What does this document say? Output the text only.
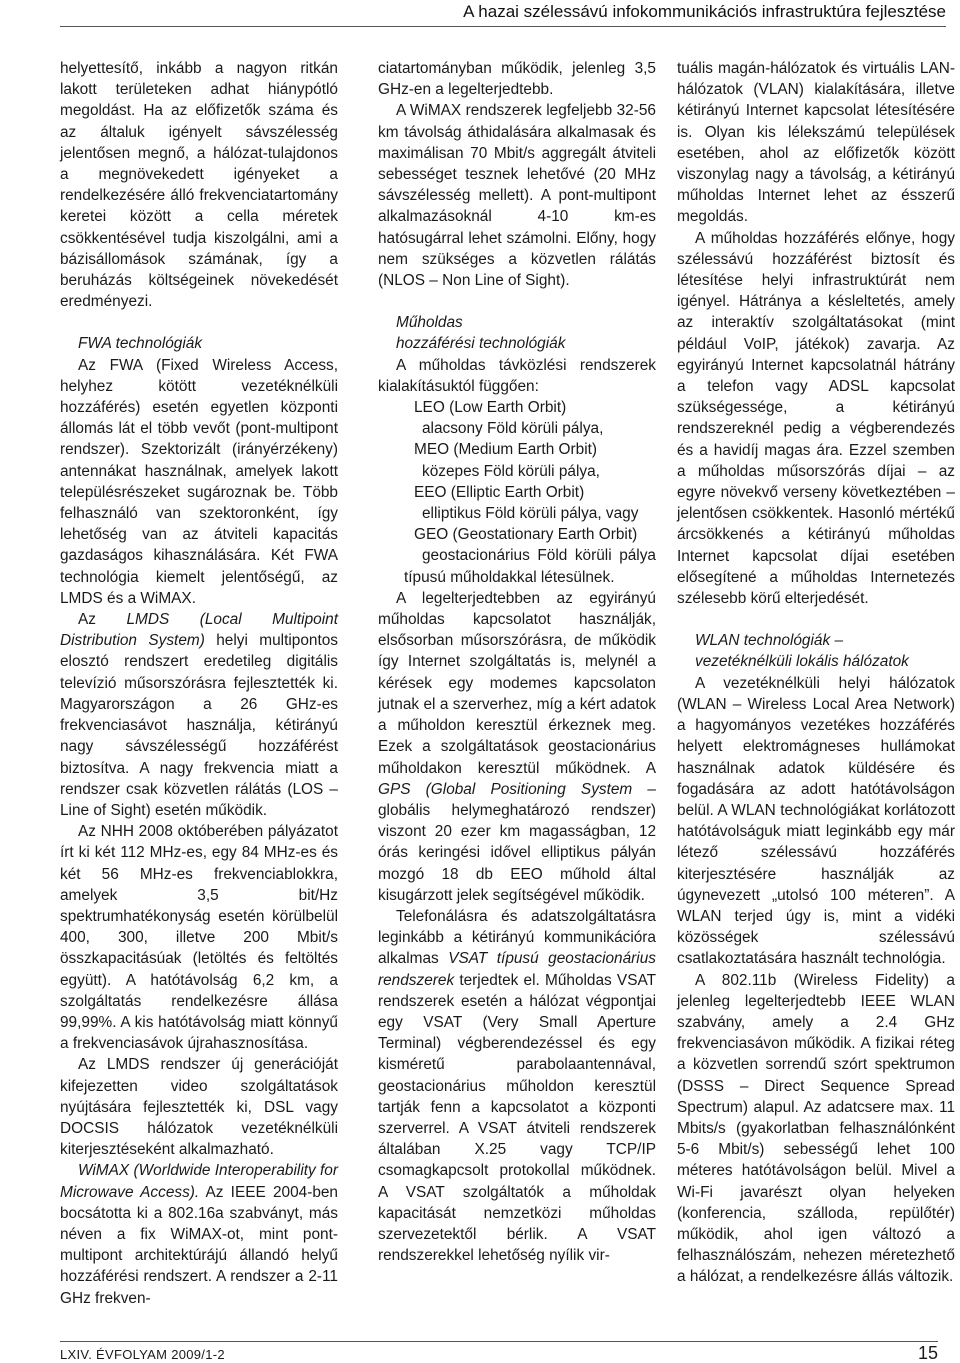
A hazai szélessávú infokommunikációs infrastruktúra fejlesztése

helyettesítő, inkább a nagyon ritkán lakott területeken adhat hiánypótló megoldást. Ha az előfizetők száma és az általuk igényelt sávszélesség jelentősen megnő, a hálózat-tulajdonos a megnövekedett igényeket a rendelkezésére álló frekvenciatartomány keretei között a cella méretek csökkentésével tudja kiszolgálni, ami a bázisállomások számának, így a beruházás költségeinek növekedését eredményezi.

FWA technológiák

Az FWA (Fixed Wireless Access, helyhez kötött vezetéknélküli hozzáférés) esetén egyetlen központi állomás lát el több vevőt (pont-multipont rendszer). Szektorizált (irányérzékeny) antennákat használnak, amelyek lakott településrészeket sugároznak be. Több felhasználó van szektoronként, így lehetőség van az átviteli kapacitás gazdaságos kihasználására. Két FWA technológia kiemelt jelentőségű, az LMDS és a WiMAX.

Az LMDS (Local Multipoint Distribution System) helyi multipontos elosztó rendszert eredetileg digitális televízió műsorszórásra fejlesztették ki. Magyarországon a 26 GHz-es frekvenciasávot használja, kétirányú nagy sávszélességű hozzáférést biztosítva. A nagy frekvencia miatt a rendszer csak közvetlen rálátás (LOS – Line of Sight) esetén működik.

Az NHH 2008 októberében pályázatot írt ki két 112 MHz-es, egy 84 MHz-es és két 56 MHz-es frekvenciablokkra, amelyek 3,5 bit/Hz spektrumhatékonyság esetén körülbelül 400, 300, illetve 200 Mbit/s összkapacitásúak (letöltés és feltöltés együtt). A hatótávolság 6,2 km, a szolgáltatás rendelkezésre állása 99,99%. A kis hatótávolság miatt könnyű a frekvenciasávok újrahasznosítása.

Az LMDS rendszer új generációját kifejezetten video szolgáltatások nyújtására fejlesztették ki, DSL vagy DOCSIS hálózatok vezetéknélküli kiterjesztéseként alkalmazható.

WiMAX (Worldwide Interoperability for Microwave Access). Az IEEE 2004-ben bocsátotta ki a 802.16a szabványt, más néven a fix WiMAX-ot, mint pont-multipont architektúrájú állandó helyű hozzáférési rendszert. A rendszer a 2-11 GHz frekven-

ciatartományban működik, jelenleg 3,5 GHz-en a legelterjedtebb.

A WiMAX rendszerek legfeljebb 32-56 km távolság áthidalására alkalmasak és maximálisan 70 Mbit/s aggregált átviteli sebességet tesznek lehetővé (20 MHz sávszélesség mellett). A pont-multipont alkalmazásoknál 4-10 km-es hatósugárral lehet számolni. Előny, hogy nem szükséges a közvetlen rálátás (NLOS – Non Line of Sight).

Műholdas

hozzáférési technológiák

A műholdas távközlési rendszerek kialakításuktól függően:

LEO (Low Earth Orbit)

alacsony Föld körüli pálya,

MEO (Medium Earth Orbit)

közepes Föld körüli pálya,

EEO (Elliptic Earth Orbit)

elliptikus Föld körüli pálya, vagy

GEO (Geostationary Earth Orbit)

geostacionárius Föld körüli pálya típusú műholdakkal létesülnek.

A legelterjedtebben az egyirányú műholdas kapcsolatot használják, elsősorban műsorszórásra, de működik így Internet szolgáltatás is, melynél a kérések egy modemes kapcsolaton jutnak el a szerverhez, míg a kért adatok a műholdon keresztül érkeznek meg. Ezek a szolgáltatások geostacionárius műholdakon keresztül működnek. A GPS (Global Positioning System – globális helymeghatározó rendszer) viszont 20 ezer km magasságban, 12 órás keringési idővel elliptikus pályán mozgó 18 db EEO műhold által kisugárzott jelek segítségével működik.

Telefonálásra és adatszolgáltatásra leginkább a kétirányú kommunikációra alkalmas VSAT típusú geostacionárius rendszerek terjedtek el. Műholdas VSAT rendszerek esetén a hálózat végpontjai egy VSAT (Very Small Aperture Terminal) végberendezéssel és egy kisméretű parabolaantennával, geostacionárius műholdon keresztül tartják fenn a kapcsolatot a központi szerverrel. A VSAT átviteli rendszerek általában X.25 vagy TCP/IP csomagkapcsolt protokollal működnek. A VSAT szolgáltatók a műholdak kapacitását nemzetközi műholdas szervezetektől bérlik. A VSAT rendszerekkel lehetőség nyílik vir-

tuális magán-hálózatok és virtuális LAN-hálózatok (VLAN) kialakítására, illetve kétirányú Internet kapcsolat létesítésére is. Olyan kis lélekszámú települések esetében, ahol az előfizetők között viszonylag nagy a távolság, a kétirányú műholdas Internet lehet az ésszerű megoldás.

A műholdas hozzáférés előnye, hogy szélessávú hozzáférést biztosít és létesítése helyi infrastruktúrát nem igényel. Hátránya a késleltetés, amely az interaktív szolgáltatásokat (mint például VoIP, játékok) zavarja. Az egyirányú Internet kapcsolatnál hátrány a telefon vagy ADSL kapcsolat szükségessége, a kétirányú rendszereknél pedig a végberendezés és a havidíj magas ára. Ezzel szemben a műholdas műsorszórás díjai – az egyre növekvő verseny következtében – jelentősen csökkentek. Hasonló mértékű árcsökkenés a kétirányú műholdas Internet kapcsolat díjai esetében elősegítené a műholdas Internetezés szélesebb körű elterjedését.

WLAN technológiák –

vezetéknélküli lokális hálózatok

A vezetéknélküli helyi hálózatok (WLAN – Wireless Local Area Network) a hagyományos vezetékes hozzáférés helyett elektromágneses hullámokat használnak adatok küldésére és fogadására az adott hatótávolságon belül. A WLAN technológiákat korlátozott hatótávolságuk miatt leginkább egy már létező szélessávú hozzáférés kiterjesztésére használják az úgynevezett „utolsó 100 méteren”. A WLAN terjed úgy is, mint a vidéki közösségek szélessávú csatlakoztatására használt technológia.

A 802.11b (Wireless Fidelity) a jelenleg legelterjedtebb IEEE WLAN szabvány, amely a 2.4 GHz frekvenciasávon működik. A fizikai réteg a közvetlen sorrendű szórt spektrumon (DSSS – Direct Sequence Spread Spectrum) alapul. Az adatcsere max. 11 Mbits/s (gyakorlatban felhasználónként 5-6 Mbit/s) sebességű lehet 100 méteres hatótávolságon belül. Mivel a Wi-Fi javarészt olyan helyeken (konferencia, szálloda, repülőtér) működik, ahol igen változó a felhasználószám, nehezen méretezhető a hálózat, a rendelkezésre állás változik.

LXIV. ÉVFOLYAM 2009/1-2	15
